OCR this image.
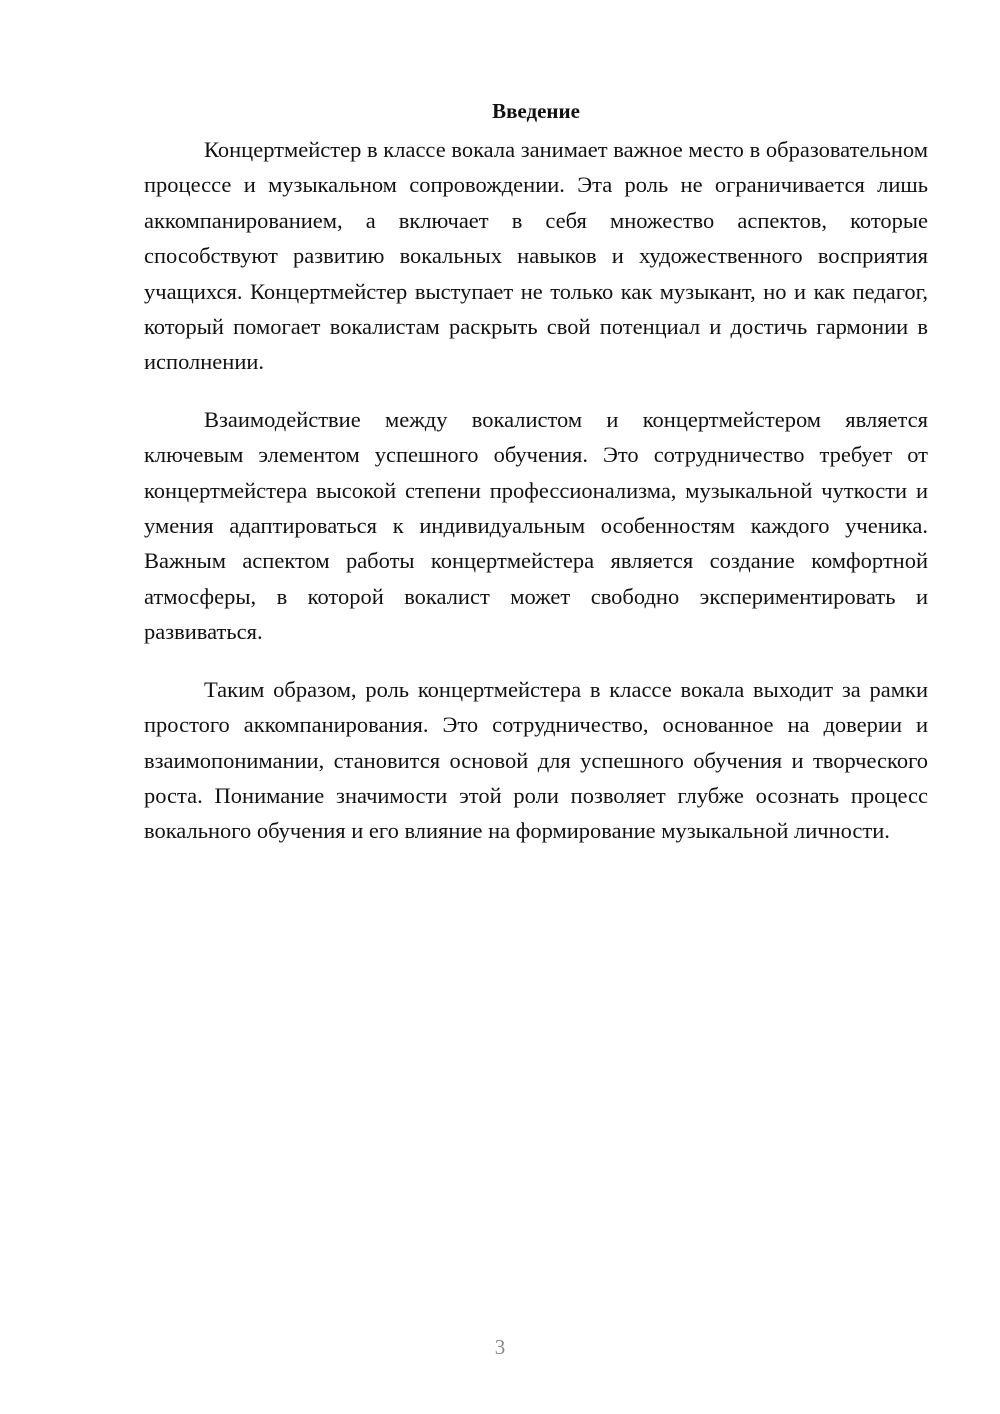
Введение

Концертмейстер в классе вокала занимает важное место в образовательном процессе и музыкальном сопровождении. Эта роль не ограничивается лишь аккомпанированием, а включает в себя множество аспектов, которые способствуют развитию вокальных навыков и художественного восприятия учащихся. Концертмейстер выступает не только как музыкант, но и как педагог, который помогает вокалистам раскрыть свой потенциал и достичь гармонии в исполнении.

Взаимодействие между вокалистом и концертмейстером является ключевым элементом успешного обучения. Это сотрудничество требует от концертмейстера высокой степени профессионализма, музыкальной чуткости и умения адаптироваться к индивидуальным особенностям каждого ученика. Важным аспектом работы концертмейстера является создание комфортной атмосферы, в которой вокалист может свободно экспериментировать и развиваться.

Таким образом, роль концертмейстера в классе вокала выходит за рамки простого аккомпанирования. Это сотрудничество, основанное на доверии и взаимопонимании, становится основой для успешного обучения и творческого роста. Понимание значимости этой роли позволяет глубже осознать процесс вокального обучения и его влияние на формирование музыкальной личности.

3
